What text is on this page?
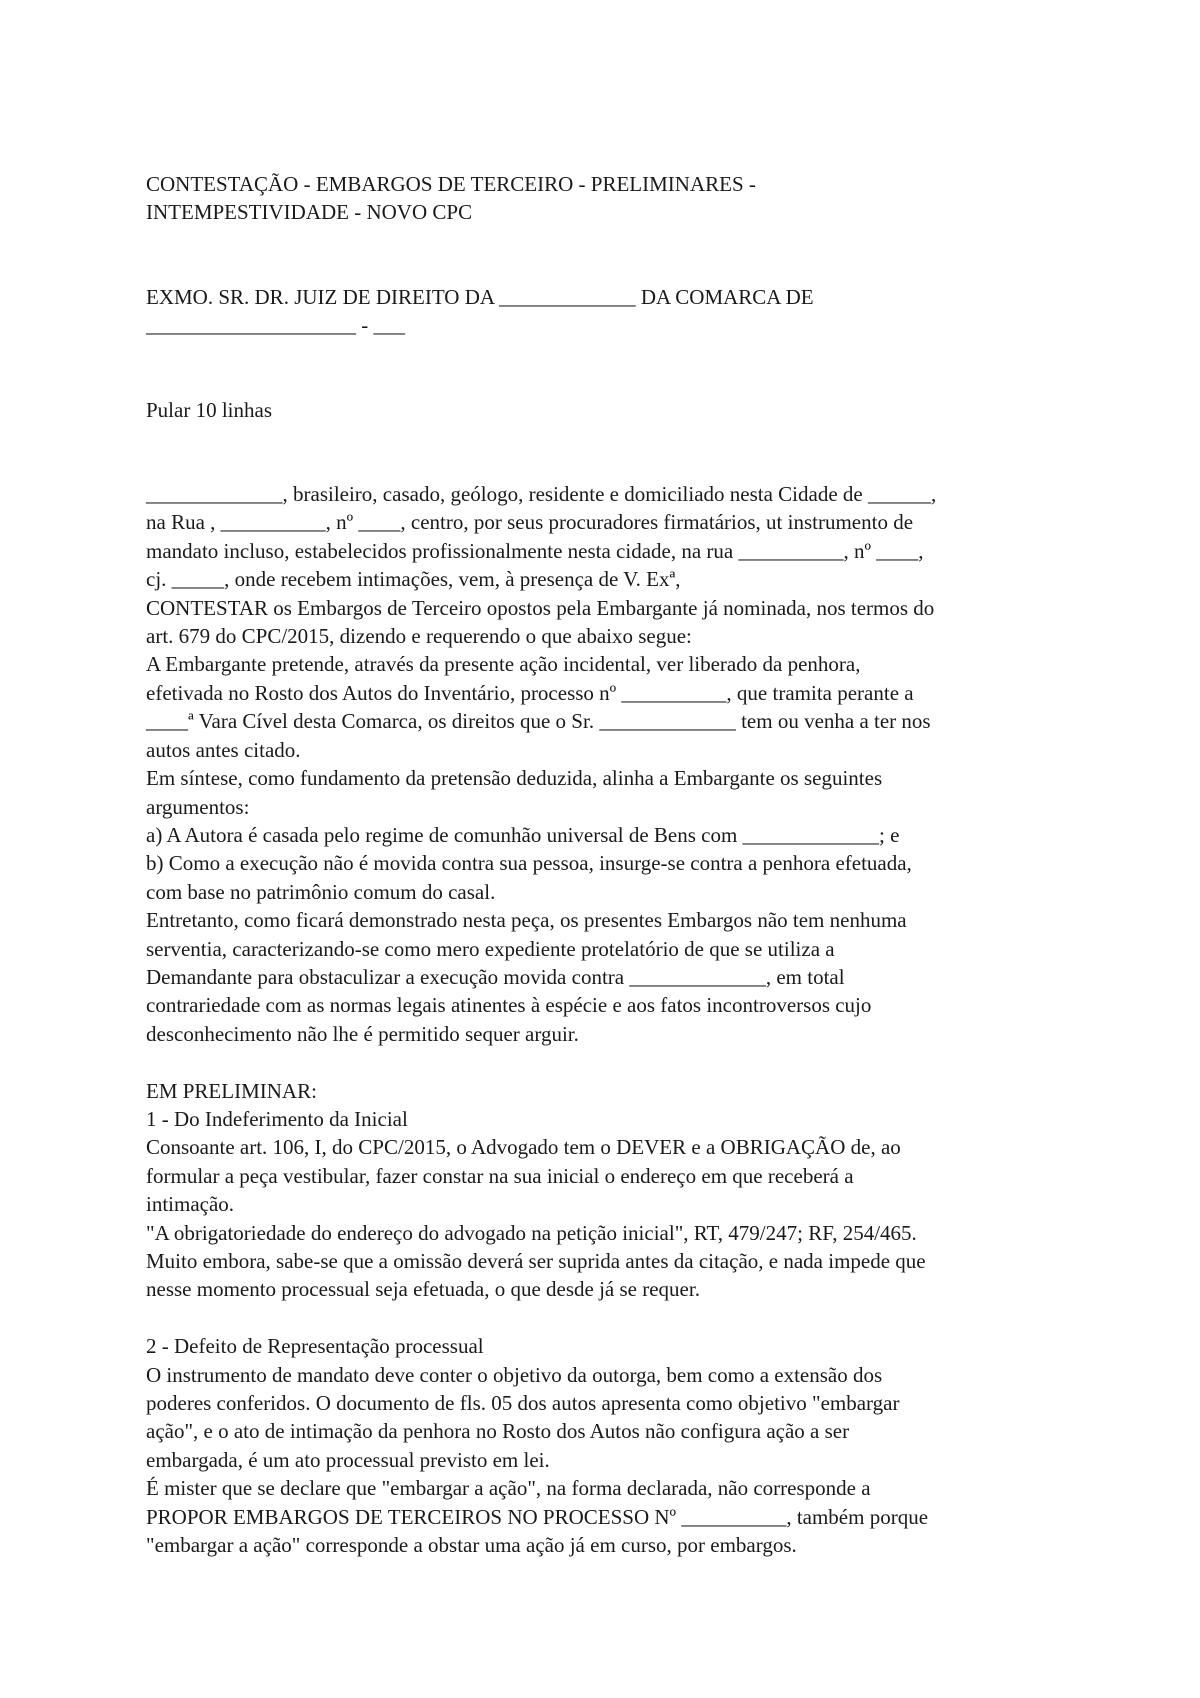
CONTESTAÇÃO - EMBARGOS DE TERCEIRO - PRELIMINARES -

INTEMPESTIVIDADE - NOVO CPC

EXMO. SR. DR. JUIZ DE DIREITO DA _____________ DA COMARCA DE

____________________ - ___

Pular 10 linhas

_____________, brasileiro, casado, geólogo, residente e domiciliado nesta Cidade de ______,

na Rua , __________, nº ____, centro, por seus procuradores firmatários, ut instrumento de

mandato incluso, estabelecidos profissionalmente nesta cidade, na rua __________, nº ____,

cj. _____, onde recebem intimações, vem, à presença de V. Exª,

CONTESTAR os Embargos de Terceiro opostos pela Embargante já nominada, nos termos do

art. 679 do CPC/2015, dizendo e requerendo o que abaixo segue:

A Embargante pretende, através da presente ação incidental, ver liberado da penhora,

efetivada no Rosto dos Autos do Inventário, processo nº __________, que tramita perante a

____ª Vara Cível desta Comarca, os direitos que o Sr. _____________ tem ou venha a ter nos

autos antes citado.

Em síntese, como fundamento da pretensão deduzida, alinha a Embargante os seguintes

argumentos:

a) A Autora é casada pelo regime de comunhão universal de Bens com _____________; e

b) Como a execução não é movida contra sua pessoa, insurge-se contra a penhora efetuada,

com base no patrimônio comum do casal.

Entretanto, como ficará demonstrado nesta peça, os presentes Embargos não tem nenhuma

serventia, caracterizando-se como mero expediente protelatório de que se utiliza a

Demandante para obstaculizar a execução movida contra _____________, em total

contrariedade com as normas legais atinentes à espécie e aos fatos incontroversos cujo

desconhecimento não lhe é permitido sequer arguir.

EM PRELIMINAR:

1 - Do Indeferimento da Inicial

Consoante art. 106, I, do CPC/2015, o Advogado tem o DEVER e a OBRIGAÇÃO de, ao

formular a peça vestibular, fazer constar na sua inicial o endereço em que receberá a

intimação.

"A obrigatoriedade do endereço do advogado na petição inicial", RT, 479/247; RF, 254/465.

Muito embora, sabe-se que a omissão deverá ser suprida antes da citação, e nada impede que

nesse momento processual seja efetuada, o que desde já se requer.

2 - Defeito de Representação processual

O instrumento de mandato deve conter o objetivo da outorga, bem como a extensão dos

poderes conferidos. O documento de fls. 05 dos autos apresenta como objetivo "embargar

ação", e o ato de intimação da penhora no Rosto dos Autos não configura ação a ser

embargada, é um ato processual previsto em lei.

É mister que se declare que "embargar a ação", na forma declarada, não corresponde a

PROPOR EMBARGOS DE TERCEIROS NO PROCESSO Nº __________, também porque

"embargar a ação" corresponde a obstar uma ação já em curso, por embargos.
